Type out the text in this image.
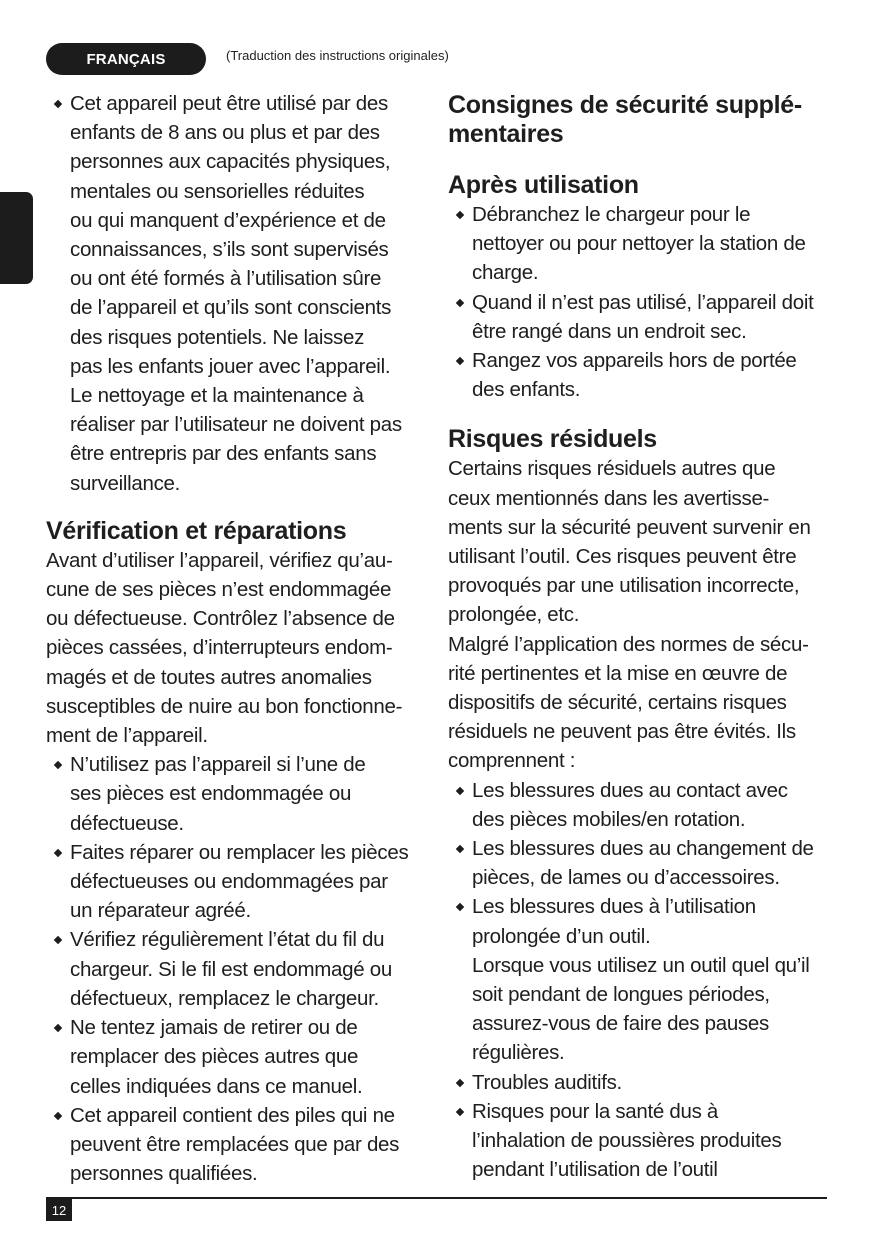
FRANÇAIS	(Traduction des instructions originales)
Cet appareil peut être utilisé par des
enfants de 8 ans ou plus et par des
personnes aux capacités physiques,
mentales ou sensorielles réduites
ou qui manquent d’expérience et de
connaissances, s’ils sont supervisés
ou ont été formés à l’utilisation sûre
de l’appareil et qu’ils sont conscients
des risques potentiels. Ne laissez
pas les enfants jouer avec l’appareil.
Le nettoyage et la maintenance à
réaliser par l’utilisateur ne doivent pas
être entrepris par des enfants sans
surveillance.
Vérification et réparations

Avant d’utiliser l’appareil, vérifiez qu’au-
cune de ses pièces n’est endommagée
ou défectueuse. Contrôlez l’absence de
pièces cassées, d’interrupteurs endom-
magés et de toutes autres anomalies
susceptibles de nuire au bon fonctionne-
ment de l’appareil.

N’utilisez pas l’appareil si l’une de
ses pièces est endommagée ou
défectueuse.
Faites réparer ou remplacer les pièces
défectueuses ou endommagées par
un réparateur agréé.
Vérifiez régulièrement l’état du fil du
chargeur. Si le fil est endommagé ou
défectueux, remplacez le chargeur.
Ne tentez jamais de retirer ou de
remplacer des pièces autres que
celles indiquées dans ce manuel.
Cet appareil contient des piles qui ne
peuvent être remplacées que par des
personnes qualifiées.
Consignes de sécurité supplé-
mentaires
Après utilisation
Débranchez le chargeur pour le
nettoyer ou pour nettoyer la station de
charge.
Quand il n’est pas utilisé, l’appareil doit
être rangé dans un endroit sec.
Rangez vos appareils hors de portée
des enfants.
Risques résiduels

Certains risques résiduels autres que
ceux mentionnés dans les avertisse-
ments sur la sécurité peuvent survenir en
utilisant l’outil. Ces risques peuvent être
provoqués par une utilisation incorrecte,
prolongée, etc.

Malgré l’application des normes de sécu-
rité pertinentes et la mise en œuvre de
dispositifs de sécurité, certains risques
résiduels ne peuvent pas être évités. Ils
comprennent :

Les blessures dues au contact avec
des pièces mobiles/en rotation.
Les blessures dues au changement de
pièces, de lames ou d’accessoires.
Les blessures dues à l’utilisation
prolongée d’un outil.
Lorsque vous utilisez un outil quel qu’il
soit pendant de longues périodes,
assurez-vous de faire des pauses
régulières.
Troubles auditifs.
Risques pour la santé dus à
l’inhalation de poussières produites
pendant l’utilisation de l’outil
12
